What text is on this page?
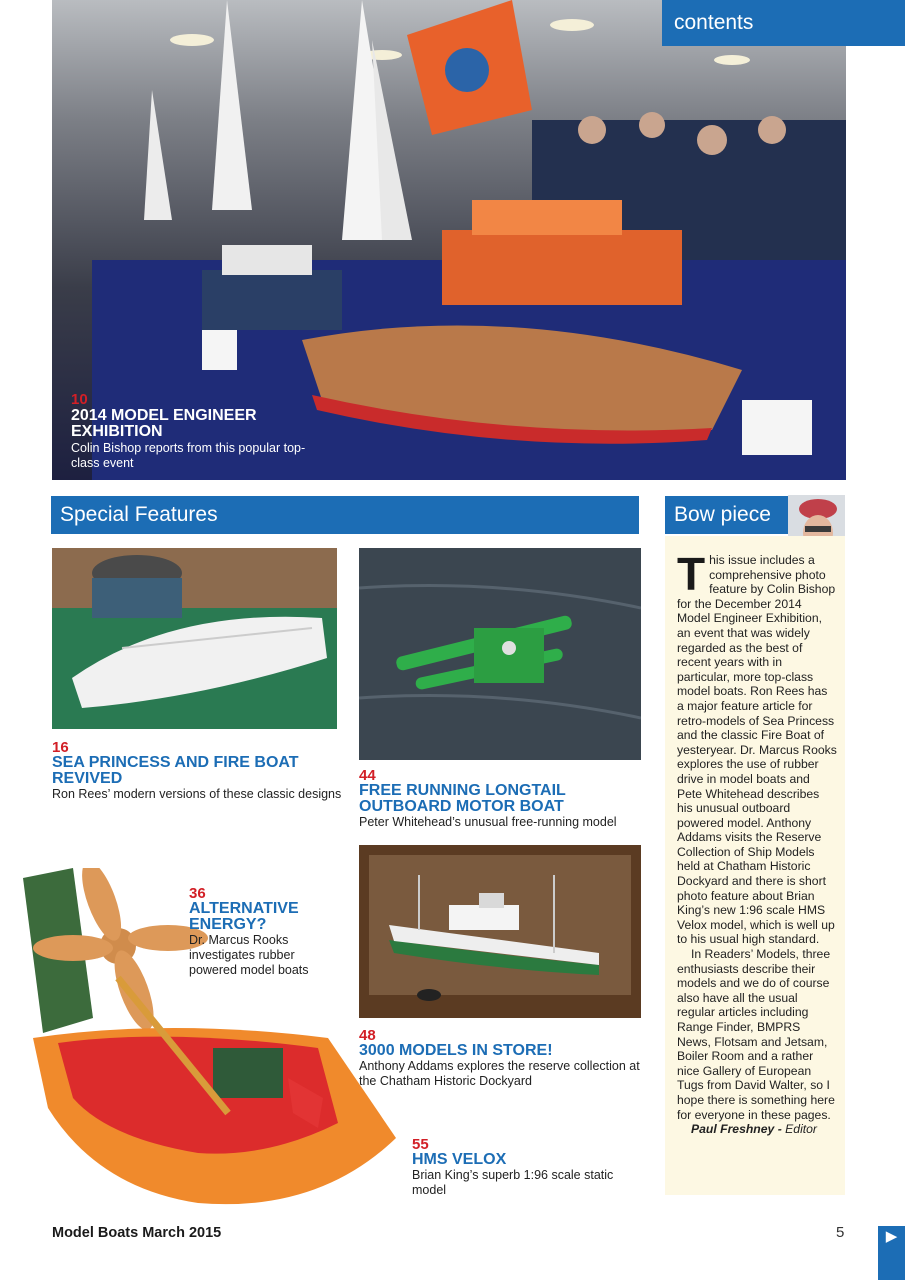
contents
10
2014 MODEL ENGINEER EXHIBITION
Colin Bishop reports from this popular top-class event
Special Features	Bow piece
16
SEA PRINCESS AND FIRE BOAT REVIVED
Ron Rees’ modern versions of these classic designs
44
FREE RUNNING LONGTAIL OUTBOARD MOTOR BOAT
Peter Whitehead’s unusual free-running model
48
3000 MODELS IN STORE!
Anthony Addams explores the reserve collection at the Chatham Historic Dockyard
36
ALTERNATIVE ENERGY?
Dr. Marcus Rooks investigates rubber powered model boats
55
HMS VELOX
Brian King’s superb 1:96 scale static model
T his issue includes a comprehensive photo feature by Colin Bishop for the December 2014 Model Engineer Exhibition, an event that was widely regarded as the best of recent years with in particular, more top-class model boats. Ron Rees has a major feature article for retro-models of Sea Princess and the classic Fire Boat of yesteryear. Dr. Marcus Rooks explores the use of rubber drive in model boats and Pete Whitehead describes his unusual outboard powered model. Anthony Addams visits the Reserve Collection of Ship Models held at Chatham Historic Dockyard and there is short photo feature about Brian King’s new 1:96 scale HMS Velox model, which is well up to his usual high standard.

In Readers’ Models, three enthusiasts describe their models and we do of course also have all the usual regular articles including Range Finder, BMPRS News, Flotsam and Jetsam, Boiler Room and a rather nice Gallery of European Tugs from David Walter, so I hope there is something here for everyone in these pages.

Paul Freshney - Editor

Model Boats March 2015	5	▶
